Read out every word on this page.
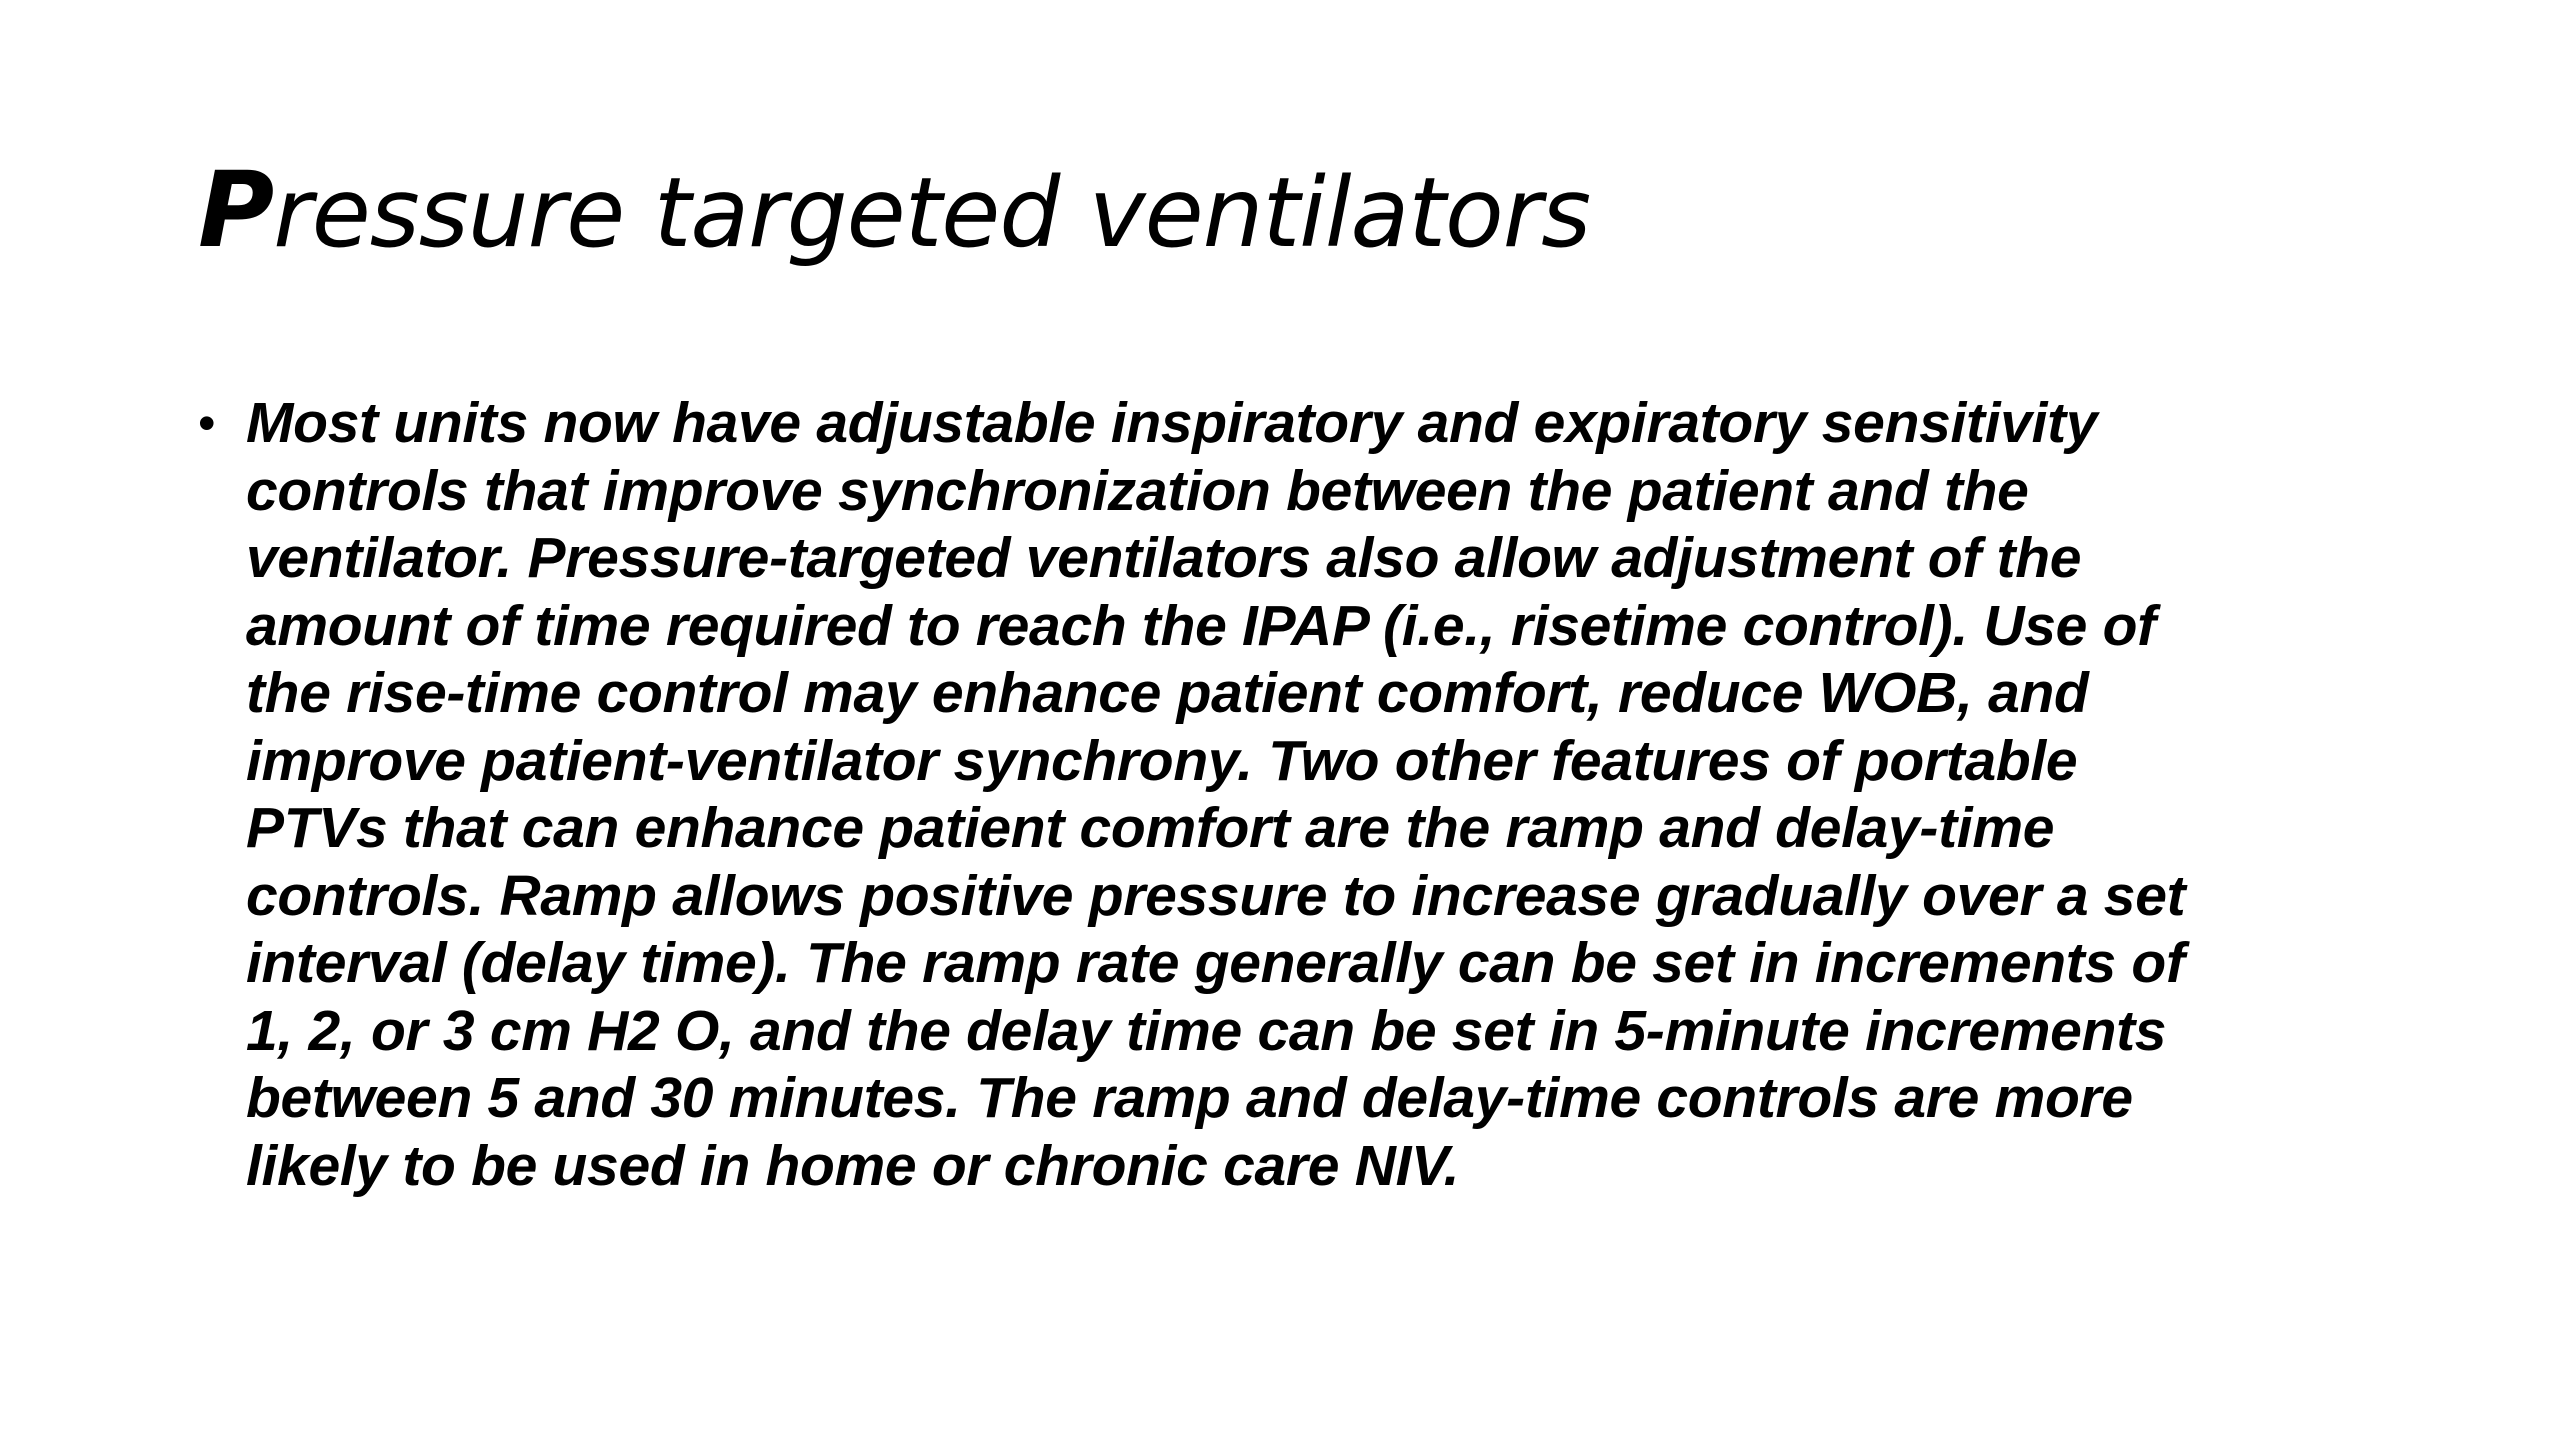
Pressure targeted ventilators
• Most units now have adjustable inspiratory and expiratory sensitivity
controls that improve synchronization between the patient and the
ventilator. Pressure-targeted ventilators also allow adjustment of the
amount of time required to reach the IPAP (i.e., risetime control). Use of
the rise-time control may enhance patient comfort, reduce WOB, and
improve patient-ventilator synchrony. Two other features of portable
PTVs that can enhance patient comfort are the ramp and delay-time
controls. Ramp allows positive pressure to increase gradually over a set
interval (delay time). The ramp rate generally can be set in increments of
1, 2, or 3 cm H2 O, and the delay time can be set in 5-minute increments
between 5 and 30 minutes. The ramp and delay-time controls are more
likely to be used in home or chronic care NIV.
